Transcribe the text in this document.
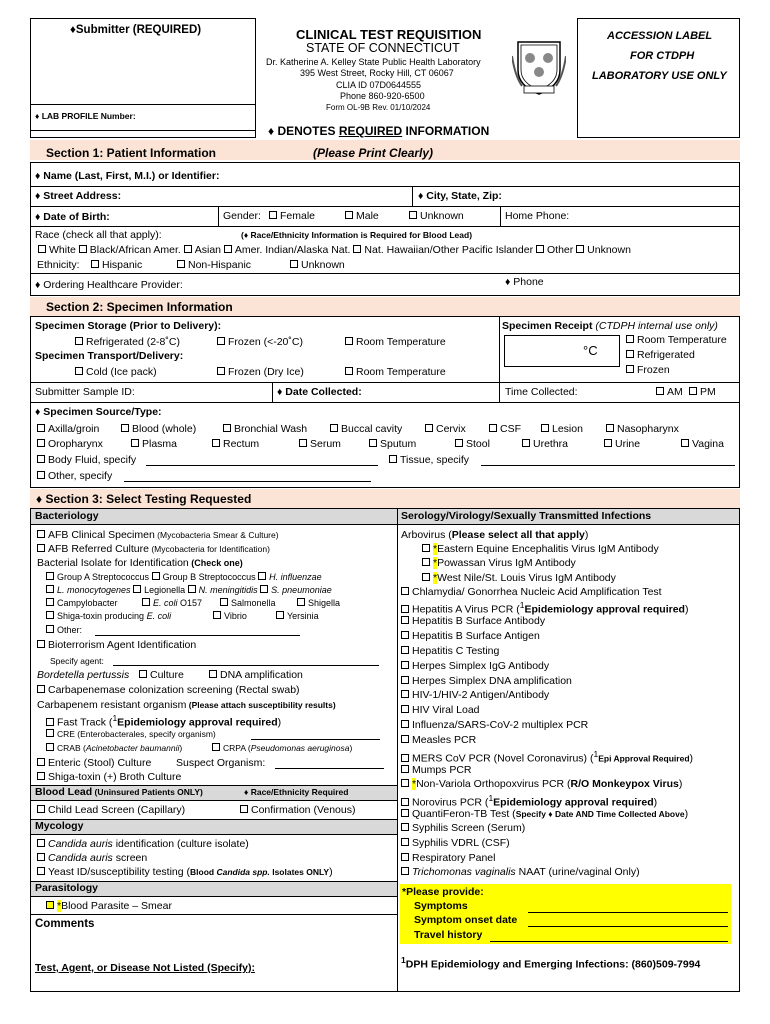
♦Submitter (REQUIRED)
♦ LAB PROFILE Number:
CLINICAL TEST REQUISITION
STATE OF CONNECTICUT
Dr. Katherine A. Kelley State Public Health Laboratory
395 West Street, Rocky Hill, CT 06067
CLIA ID 07D0644555
Phone 860-920-6500
Form OL-9B Rev. 01/10/2024
ACCESSION LABEL
FOR CTDPH
LABORATORY USE ONLY
♦ DENOTES REQUIRED INFORMATION
Section 1: Patient Information	(Please Print Clearly)
♦ Name (Last, First, M.I.) or Identifier:
♦ Street Address:	♦ City, State, Zip:
♦ Date of Birth:	Gender:	Female	Male	Unknown	Home Phone:
Race (check all that apply):	(♦ Race/Ethnicity Information is Required for Blood Lead)
White Black/African Amer. Asian Amer. Indian/Alaska Nat. Nat. Hawaiian/Other Pacific Islander Other Unknown
Ethnicity:	Hispanic	Non-Hispanic	Unknown
♦ Ordering Healthcare Provider:	♦ Phone
Section 2: Specimen Information
Specimen Storage (Prior to Delivery):
Refrigerated (2-8˚C)	Frozen (<-20˚C)	Room Temperature
Specimen Transport/Delivery:
Cold (Ice pack)	Frozen (Dry Ice)	Room Temperature
Specimen Receipt (CTDPH internal use only)
°C
Room Temperature
Refrigerated
Frozen
Submitter Sample ID:	♦ Date Collected:	Time Collected:	AM	PM
♦ Specimen Source/Type:
Axilla/groin	Blood (whole)	Bronchial Wash	Buccal cavity	Cervix	CSF	Lesion	Nasopharynx
Oropharynx	Plasma	Rectum	Serum	Sputum	Stool	Urethra	Urine	Vagina
Body Fluid, specify	Tissue, specify
Other, specify
♦ Section 3: Select Testing Requested
Bacteriology
AFB Clinical Specimen (Mycobacteria Smear & Culture)
AFB Referred Culture (Mycobacteria for Identification)
Bacterial Isolate for Identification (Check one)
Group A Streptococcus Group B Streptococcus H. influenzae
L. monocytogenes Legionella N. meningitidis S. pneumoniae
Campylobacter	E. coli O157	Salmonella	Shigella
Shiga-toxin producing E. coli	Vibrio	Yersinia
Other:
Bioterrorism Agent Identification
Specify agent:
Bordetella pertussis	Culture	DNA amplification
Carbapenemase colonization screening (Rectal swab)
Carbapenem resistant organism (Please attach susceptibility results)
Fast Track ($^1$Epidemiology approval required)
CRE (Enterobacterales, specify organism)
CRAB (Acinetobacter baumannii)	CRPA (Pseudomonas aeruginosa)
Enteric (Stool) Culture Suspect Organism:
Shiga-toxin (+) Broth Culture
Blood Lead (Uninsured Patients ONLY)	♦ Race/Ethnicity Required
Child Lead Screen (Capillary)	Confirmation (Venous)
Mycology
Candida auris identification (culture isolate)
Candida auris screen
Yeast ID/susceptibility testing (Blood Candida spp. Isolates ONLY)
Parasitology
*Blood Parasite – Smear
Comments
Test, Agent, or Disease Not Listed (Specify):
Serology/Virology/Sexually Transmitted Infections
Arbovirus (Please select all that apply)
*Eastern Equine Encephalitis Virus IgM Antibody
*Powassan Virus IgM Antibody
*West Nile/St. Louis Virus IgM Antibody
Chlamydia/ Gonorrhea Nucleic Acid Amplification Test
Hepatitis A Virus PCR ($^1$Epidemiology approval required)
Hepatitis B Surface Antibody
Hepatitis B Surface Antigen
Hepatitis C Testing
Herpes Simplex IgG Antibody
Herpes Simplex DNA amplification
HIV-1/HIV-2 Antigen/Antibody
HIV Viral Load
Influenza/SARS-CoV-2 multiplex PCR
Measles PCR
MERS CoV PCR (Novel Coronavirus) ($^1$Epi Approval Required)
Mumps PCR
*Non-Variola Orthopoxvirus PCR (R/O Monkeypox Virus)
Norovirus PCR ($^1$Epidemiology approval required)
QuantiFeron-TB Test (Specify ♦ Date AND Time Collected Above)
Syphilis Screen (Serum)
Syphilis VDRL (CSF)
Respiratory Panel
Trichomonas vaginalis NAAT (urine/vaginal Only)
*Please provide:
Symptoms
Symptom onset date
Travel history
$^1$DPH Epidemiology and Emerging Infections: (860)509-7994
